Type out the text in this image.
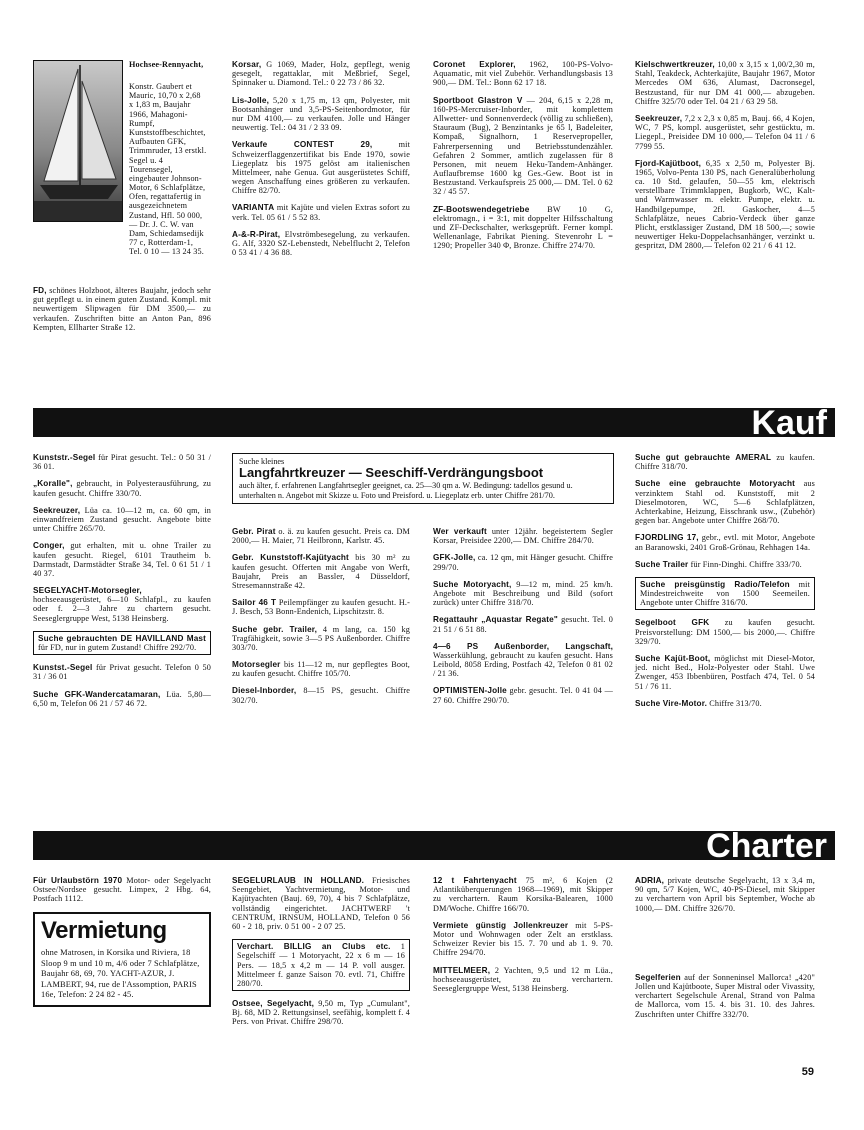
Hochsee-Rennyacht,
Konstr. Gaubert et Mauric, 10,70 x 2,68 x 1,83 m, Baujahr 1966, Mahagoni-Rumpf, Kunststoffbeschichtet, Aufbauten GFK, Trimmruder, 13 erstkl. Segel u. 4 Tourensegel, eingebauter Johnson-Motor, 6 Schlafplätze, Ofen, regattafertig in ausgezeichnetem Zustand, Hfl. 50 000,— Dr. J. C. W. van Dam, Schiedamsedijk 77 c, Rotterdam-1, Tel. 0 10 — 13 24 35.
FD, schönes Holzboot, älteres Baujahr, jedoch sehr gut gepflegt u. in einem guten Zustand. Kompl. mit neuwertigem Slipwagen für DM 3500,— zu verkaufen. Zuschriften bitte an Anton Pan, 896 Kempten, Ellharter Straße 12.
Korsar, G 1069, Mader, Holz, gepflegt, wenig gesegelt, regattaklar, mit Meßbrief, Segel, Spinnaker u. Diamond. Tel.: 0 22 73 / 86 32.
Lis-Jolle, 5,20 x 1,75 m, 13 qm, Polyester, mit Bootsanhänger und 3,5-PS-Seitenbordmotor, für nur DM 4100,— zu verkaufen. Jolle und Hänger neuwertig. Tel.: 04 31 / 2 33 09.
Verkaufe CONTEST 29,	mit Schweizerflaggenzertifikat bis Ende 1970, sowie Liegeplatz bis 1975 gelöst am italienischen Mittelmeer, nahe Genua. Gut ausgerüstetes Schiff, wegen Anschaffung eines größeren zu verkaufen. Chiffre 82/70.
VARIANTA mit Kajüte und vielen Extras sofort zu verk. Tel. 05 61 / 5 52 83.
A-&-R-Pirat, Elvströmbesegelung, zu verkaufen. G. Alf, 3320 SZ-Lebenstedt, Nebelflucht 2, Telefon 0 53 41 / 4 36 88.
Coronet Explorer, 1962, 100-PS-Volvo-Aquamatic, mit viel Zubehör. Verhandlungsbasis 13 900,— DM. Tel.: Bonn 62 17 18.
Sportboot Glastron V — 204, 6,15 x 2,28 m, 160-PS-Mercruiser-Inborder, mit komplettem Allwetter- und Sonnenverdeck (völlig zu schließen), Stauraum (Bug), 2 Benzintanks je 65 l, Badeleiter, Kompaß, Signalhorn, 1 Reservepropeller, Fahrerpersenning und Betriebsstundenzähler. Gefahren 2 Sommer, amtlich zugelassen für 8 Personen, mit neuem Heku-Tandem-Anhänger. Auflaufbremse 1600 kg Ges.-Gew. Boot ist in Bestzustand. Verkaufspreis 25 000,— DM. Tel. 0 62 32 / 45 57.
ZF-Bootswendegetriebe BW 10 G, elektromagn., i = 3:1, mit doppelter Hilfsschaltung und ZF-Deckschalter, werksgeprüft. Ferner kompl. Wellenanlage, Fabrikat Piening. Stevenrohr L = 1290; Propeller 340 Φ, Bronze. Chiffre 274/70.
Kielschwertkreuzer, 10,00 x 3,15 x 1,00/2,30 m, Stahl, Teakdeck, Achterkajüte, Baujahr 1967, Motor Mercedes OM 636, Alumast, Dacronsegel, Bestzustand, für nur DM 41 000,— abzugeben. Chiffre 325/70 oder Tel. 04 21 / 63 29 58.
Seekreuzer, 7,2 x 2,3 x 0,85 m, Bauj. 66, 4 Kojen, WC, 7 PS, kompl. ausgerüstet, sehr gestücktu, m. Liegepl., Preisidee DM 10 000,— Telefon 04 11 / 6 7799 55.
Fjord-Kajütboot, 6,35 x 2,50 m, Polyester Bj. 1965, Volvo-Penta 130 PS, nach Generalüberholung ca. 10 Std. gelaufen, 50—55 km, elektrisch verstellbare Trimmklappen, Bugkorb, WC, Kalt- und Warmwasser m. elektr. Pumpe, elektr. u. Handbilgepumpe, 2fl. Gaskocher, 4—5 Schlafplätze, neues Cabrio-Verdeck über ganze Plicht, erstklassiger Zustand, DM 18 500,—; sowie neuwertiger Heku-Doppelachsanhänger, verzinkt u. gespritzt, DM 2800,— Telefon 02 21 / 6 41 12.
Kauf
Suche kleines
Langfahrtkreuzer — Seeschiff-Verdrängungsboot
auch älter, f. erfahrenen Langfahrtsegler geeignet, ca. 25—30 qm a. W. Bedingung: tadellos gesund u. unterhalten n. Angebot mit Skizze u. Foto und Preisford. u. Liegeplatz erb. unter Chiffre 281/70.
Kunststr.-Segel für Pirat gesucht. Tel.: 0 50 31 / 36 01.
„Koralle", gebraucht, in Polyesterausführung, zu kaufen gesucht. Chiffre 330/70.
Seekreuzer, Lüa ca. 10—12 m, ca. 60 qm, in einwandfreiem Zustand gesucht. Angebote bitte unter Chiffre 265/70.
Conger, gut erhalten, mit u. ohne Trailer zu kaufen gesucht. Riegel, 6101 Trautheim b. Darmstadt, Darmstädter Straße 34, Tel. 0 61 51 / 1 40 37.
SEGELYACHT-Motorsegler, hochseeausgerüstet, 6—10 Schlafpl., zu kaufen oder f. 2—3 Jahre zu chartern gesucht. Seeseglergruppe West, 5138 Heinsberg.
Suche gebrauchten DE HAVILLAND Mast für FD, nur in gutem Zustand! Chiffre 292/70.
Kunstst.-Segel für Privat gesucht. Telefon 0 50 31 / 36 01
Suche GFK-Wandercatamaran, Lüa. 5,80—6,50 m, Telefon 06 21 / 57 46 72.
Gebr. Pirat o. ä. zu kaufen gesucht. Preis ca. DM 2000,— H. Maier, 71 Heilbronn, Karlstr. 45.
Gebr. Kunststoff-Kajütyacht bis 30 m² zu kaufen gesucht. Offerten mit Angabe von Werft, Baujahr, Preis an Bassler, 4 Düsseldorf, Stresemannstraße 42.
Sailor 46 T Peilempfänger zu kaufen gesucht. H.-J. Besch, 53 Bonn-Endenich, Lipschitzstr. 8.
Suche gebr. Trailer, 4 m lang, ca. 150 kg Tragfähigkeit, sowie 3—5 PS Außenborder. Chiffre 303/70.
Motorsegler bis 11—12 m, nur gepflegtes Boot, zu kaufen gesucht. Chiffre 105/70.
Diesel-Inborder, 8—15 PS, gesucht. Chiffre 302/70.
Wer verkauft unter 12jähr. begeistertem Segler Korsar, Preisidee 2200,— DM. Chiffre 284/70.
GFK-Jolle, ca. 12 qm, mit Hänger gesucht. Chiffre 299/70.
Suche Motoryacht, 9—12 m, mind. 25 km/h. Angebote mit Beschreibung und Bild (sofort zurück) unter Chiffre 318/70.
Regattauhr „Aquastar Regate" gesucht. Tel. 0 21 51 / 6 51 88.
4—6 PS Außenborder, Langschaft, Wasserkühlung, gebraucht zu kaufen gesucht. Hans Leibold, 8058 Erding, Postfach 42, Telefon 0 81 02 / 21 36.
OPTIMISTEN-Jolle gebr. gesucht. Tel. 0 41 04 — 27 60. Chiffre 290/70.
Suche gut gebrauchte AMERAL zu kaufen. Chiffre 318/70.
Suche eine gebrauchte Motoryacht aus verzinktem Stahl od. Kunststoff, mit 2 Dieselmotoren, WC, 5—6 Schlafplätzen, Achterkabine, Heizung, Eisschrank usw., (Zubehör) gegen bar. Angebote unter Chiffre 268/70.
FJORDLING 17, gebr., evtl. mit Motor, Angebote an Baranowski, 2401 Groß-Grönau, Rehhagen 14a.
Suche Trailer für Finn-Dinghi. Chiffre 333/70.
Suche preisgünstig Radio/Telefon mit Mindestreichweite von 1500 Seemeilen. Angebote unter Chiffre 316/70.
Segelboot GFK zu kaufen gesucht. Preisvorstellung: DM 1500,— bis 2000,—. Chiffre 329/70.
Suche Kajüt-Boot, möglichst mit Diesel-Motor, jed. nicht Bed., Holz-Polyester oder Stahl. Uwe Zwenger, 453 Ibbenbüren, Postfach 474, Tel. 0 54 51 / 76 11.
Suche Vire-Motor. Chiffre 313/70.
Charter
Für Urlaubstörn 1970 Motor- oder Segelyacht Ostsee/Nordsee gesucht. Limpex, 2 Hbg. 64, Postfach 1112.
Vermietung
ohne Matrosen, in Korsika und Riviera, 18 Sloop 9 m und 10 m, 4/6 oder 7 Schlafplätze, Baujahr 68, 69, 70. YACHT-AZUR, J. LAMBERT, 94, rue de l'Assomption, PARIS 16e, Telefon: 2 24 82 - 45.
SEGELURLAUB IN HOLLAND. Friesisches Seengebiet, Yachtvermietung, Motor- und Kajütyachten (Bauj. 69, 70), 4 bis 7 Schlafplätze, vollständig eingerichtet. JACHTWERF 't CENTRUM, IRNSUM, HOLLAND, Telefon 0 56 60 - 2 18, priv. 0 51 00 - 2 07 25.
Verchart. BILLIG an Clubs etc. 1 Segelschiff — 1 Motoryacht, 22 x 6 m — 16 Pers. — 18,5 x 4,2 m — 14 P. voll ausger. Mittelmeer f. ganze Saison 70. evtl. 71, Chiffre 280/70.
Ostsee, Segelyacht, 9,50 m, Typ „Cumulant", Bj. 68, MD 2. Rettungsinsel, seefähig, komplett f. 4 Pers. von Privat. Chiffre 298/70.
12 t Fahrtenyacht 75 m², 6 Kojen (2 Atlantiküberquerungen 1968—1969), mit Skipper zu verchartern. Raum Korsika-Balearen, 1000 DM/Woche. Chiffre 166/70.
Vermiete günstig Jollenkreuzer mit 5-PS-Motor und Wohnwagen oder Zelt an erstklass. Schweizer Revier bis 15. 7. 70 und ab 1. 9. 70. Chiffre 294/70.
MITTELMEER, 2 Yachten, 9,5 und 12 m Lüa., hochseeausgerüstet, zu verchartern. Seeseglergruppe West, 5138 Heinsberg.
ADRIA, private deutsche Segelyacht, 13 x 3,4 m, 90 qm, 5/7 Kojen, WC, 40-PS-Diesel, mit Skipper zu verchartern von April bis September, Woche ab 1000,— DM. Chiffre 326/70.
Segelferien auf der Sonneninsel Mallorca! „420" Jollen und Kajütboote, Super Mistral oder Vivassity, verchartert Segelschule Arenal, Strand von Palma de Mallorca, vom 15. 4. bis 31. 10. des Jahres. Zuschriften unter Chiffre 332/70.
59
